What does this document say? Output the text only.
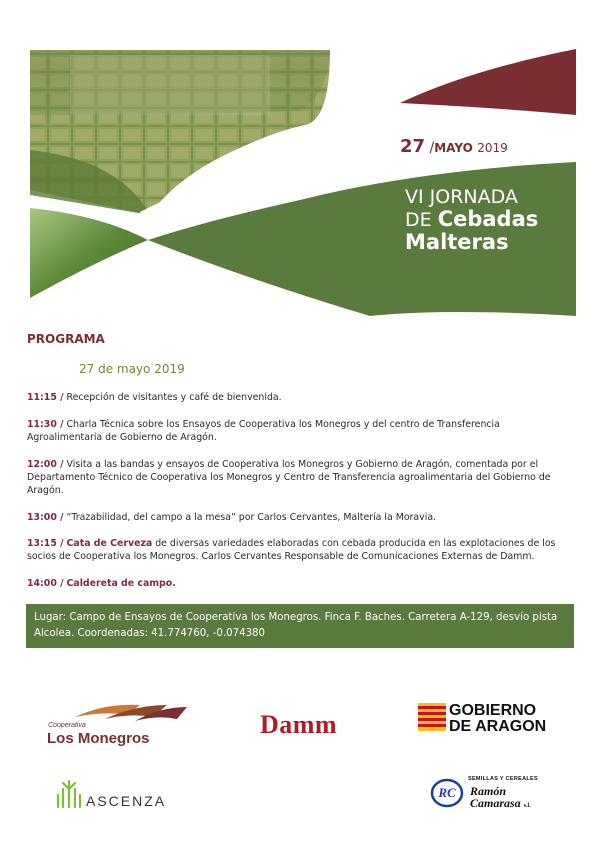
27 /MAYO 2019
VI JORNADA
DE Cebadas
Malteras
PROGRAMA
27 de mayo 2019
11:15 / Recepción de visitantes y café de bienvenida.
11:30 / Charla Técnica sobre los Ensayos de Cooperativa los Monegros y del centro de Transferencia Agroalimentaria de Gobierno de Aragón.
12:00 / Visita a las bandas y ensayos de Cooperativa los Monegros y Gobierno de Aragón, comentada por el Departamento Técnico de Cooperativa los Monegros y Centro de Transferencia agroalimentaria del Gobierno de Aragón.
13:00 / “Trazabilidad, del campo a la mesa” por Carlos Cervantes, Maltería la Moravia.
13:15 / Cata de Cerveza de diversas variedades elaboradas con cebada producida en las explotaciones de los socios de Cooperativa los Monegros. Carlos Cervantes Responsable de Comunicaciones Externas de Damm.
14:00 / Caldereta de campo.
Lugar: Campo de Ensayos de Cooperativa los Monegros. Finca F. Baches. Carretera A-129, desvío pista Alcolea. Coordenadas: 41.774760, -0.074380
Cooperativa
Los Monegros	Damm	GOBIERNO
DE ARAGON
ASCENZA
RC
SEMILLAS Y CEREALES
Ramón
Camarasa s.l.
